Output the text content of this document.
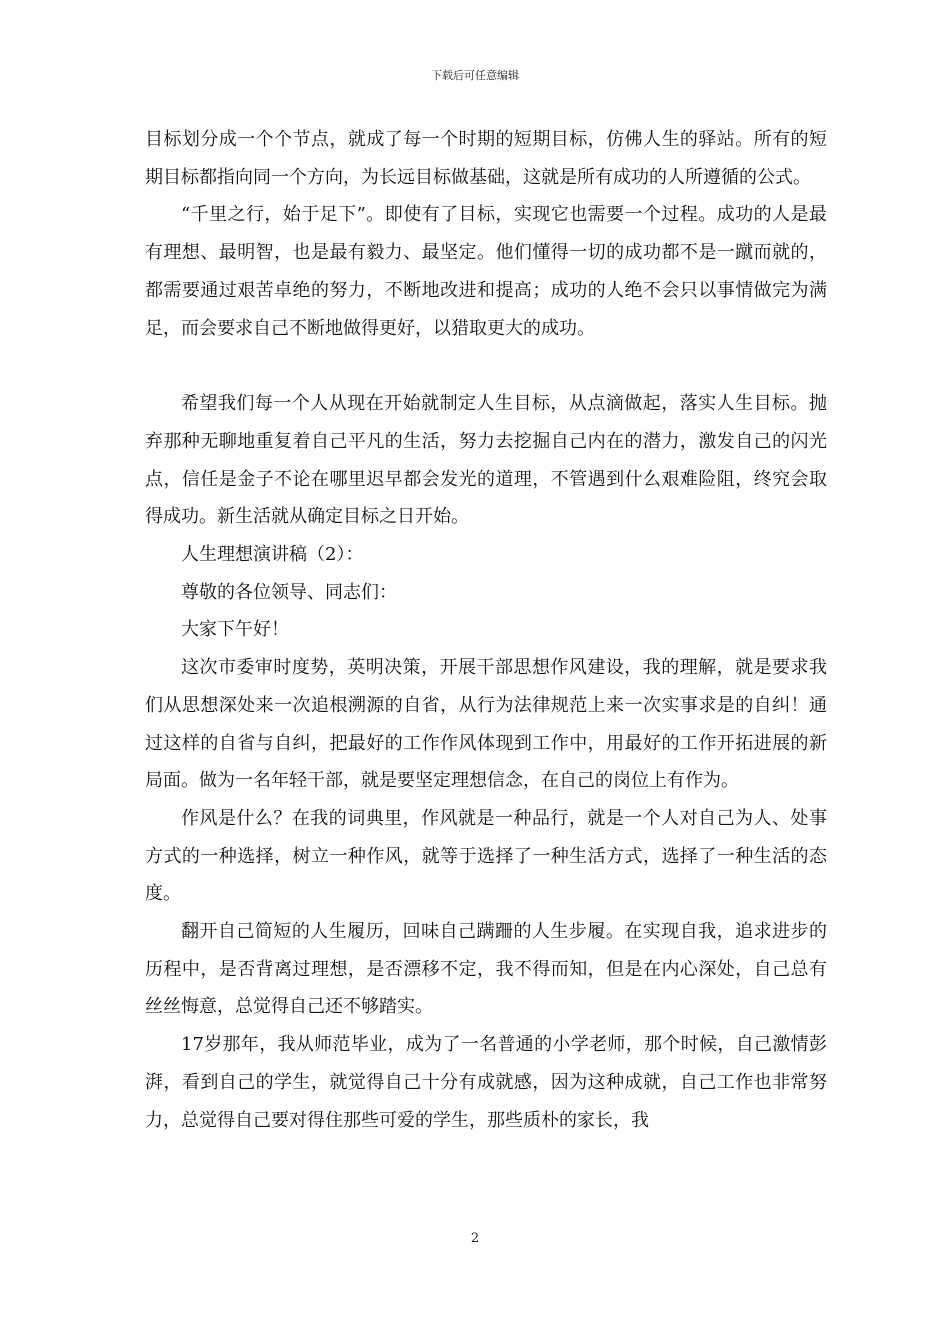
下载后可任意编辑

目标划分成一个个节点，就成了每一个时期的短期目标，仿佛人生的驿站。所有的短期目标都指向同一个方向，为长远目标做基础，这就是所有成功的人所遵循的公式。

“千里之行，始于足下”。即使有了目标，实现它也需要一个过程。成功的人是最有理想、最明智，也是最有毅力、最坚定。他们懂得一切的成功都不是一蹴而就的，都需要通过艰苦卓绝的努力，不断地改进和提高；成功的人绝不会只以事情做完为满足，而会要求自己不断地做得更好，以猎取更大的成功。

希望我们每一个人从现在开始就制定人生目标，从点滴做起，落实人生目标。抛弃那种无聊地重复着自己平凡的生活，努力去挖掘自己内在的潜力，激发自己的闪光点，信任是金子不论在哪里迟早都会发光的道理，不管遇到什么艰难险阻，终究会取得成功。新生活就从确定目标之日开始。

人生理想演讲稿（2）：

尊敬的各位领导、同志们：

大家下午好！

这次市委审时度势，英明决策，开展干部思想作风建设，我的理解，就是要求我们从思想深处来一次追根溯源的自省，从行为法律规范上来一次实事求是的自纠！通过这样的自省与自纠，把最好的工作作风体现到工作中，用最好的工作开拓进展的新局面。做为一名年轻干部，就是要坚定理想信念，在自己的岗位上有作为。

作风是什么？在我的词典里，作风就是一种品行，就是一个人对自己为人、处事方式的一种选择，树立一种作风，就等于选择了一种生活方式，选择了一种生活的态度。

翻开自己简短的人生履历，回味自己蹒跚的人生步履。在实现自我，追求进步的历程中，是否背离过理想，是否漂移不定，我不得而知，但是在内心深处，自己总有丝丝悔意，总觉得自己还不够踏实。

17岁那年，我从师范毕业，成为了一名普通的小学老师，那个时候，自己激情彭湃，看到自己的学生，就觉得自己十分有成就感，因为这种成就，自己工作也非常努力，总觉得自己要对得住那些可爱的学生，那些质朴的家长，我

2
